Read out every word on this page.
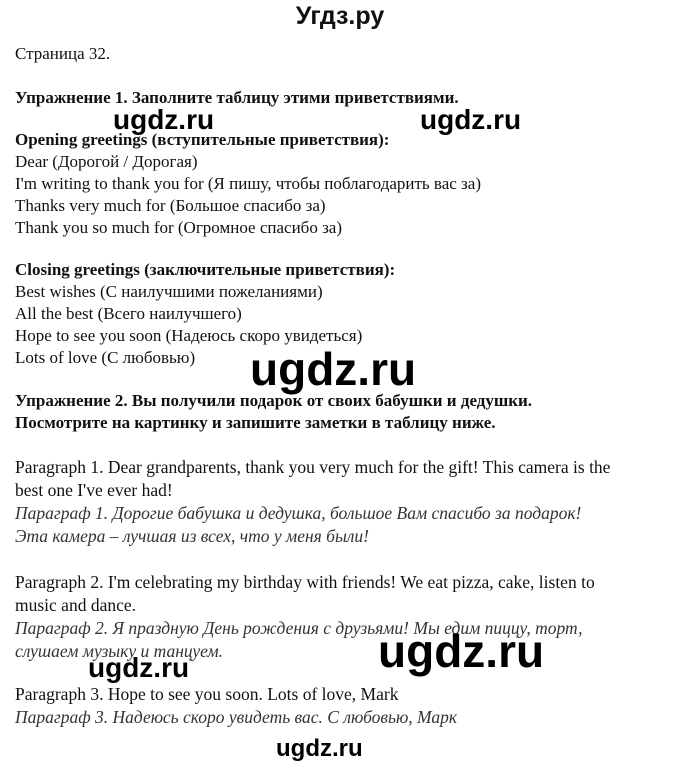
Угдз.ру
Страница 32.
Упражнение 1. Заполните таблицу этими приветствиями.
Opening greetings (вступительные приветствия):
Dear (Дорогой / Дорогая)
I'm writing to thank you for (Я пишу, чтобы поблагодарить вас за)
Thanks very much for (Большое спасибо за)
Thank you so much for (Огромное спасибо за)
Closing greetings (заключительные приветствия):
Best wishes (С наилучшими пожеланиями)
All the best (Всего наилучшего)
Hope to see you soon (Надеюсь скоро увидеться)
Lots of love (С любовью)
Упражнение 2. Вы получили подарок от своих бабушки и дедушки.
Посмотрите на картинку и запишите заметки в таблицу ниже.
Paragraph 1. Dear grandparents, thank you very much for the gift! This camera is the
best one I've ever had!
Параграф 1. Дорогие бабушка и дедушка, большое Вам спасибо за подарок!
Эта камера – лучшая из всех, что у меня были!
Paragraph 2. I'm celebrating my birthday with friends! We eat pizza, cake, listen to
music and dance.
Параграф 2. Я праздную День рождения с друзьями! Мы едим пиццу, торт,
слушаем музыку и танцуем.
Paragraph 3. Hope to see you soon. Lots of love, Mark
Параграф 3. Надеюсь скоро увидеть вас. С любовью, Марк
ugdz.ru	ugdz.ru
ugdz.ru
ugdz.ru
ugdz.ru
ugdz.ru
